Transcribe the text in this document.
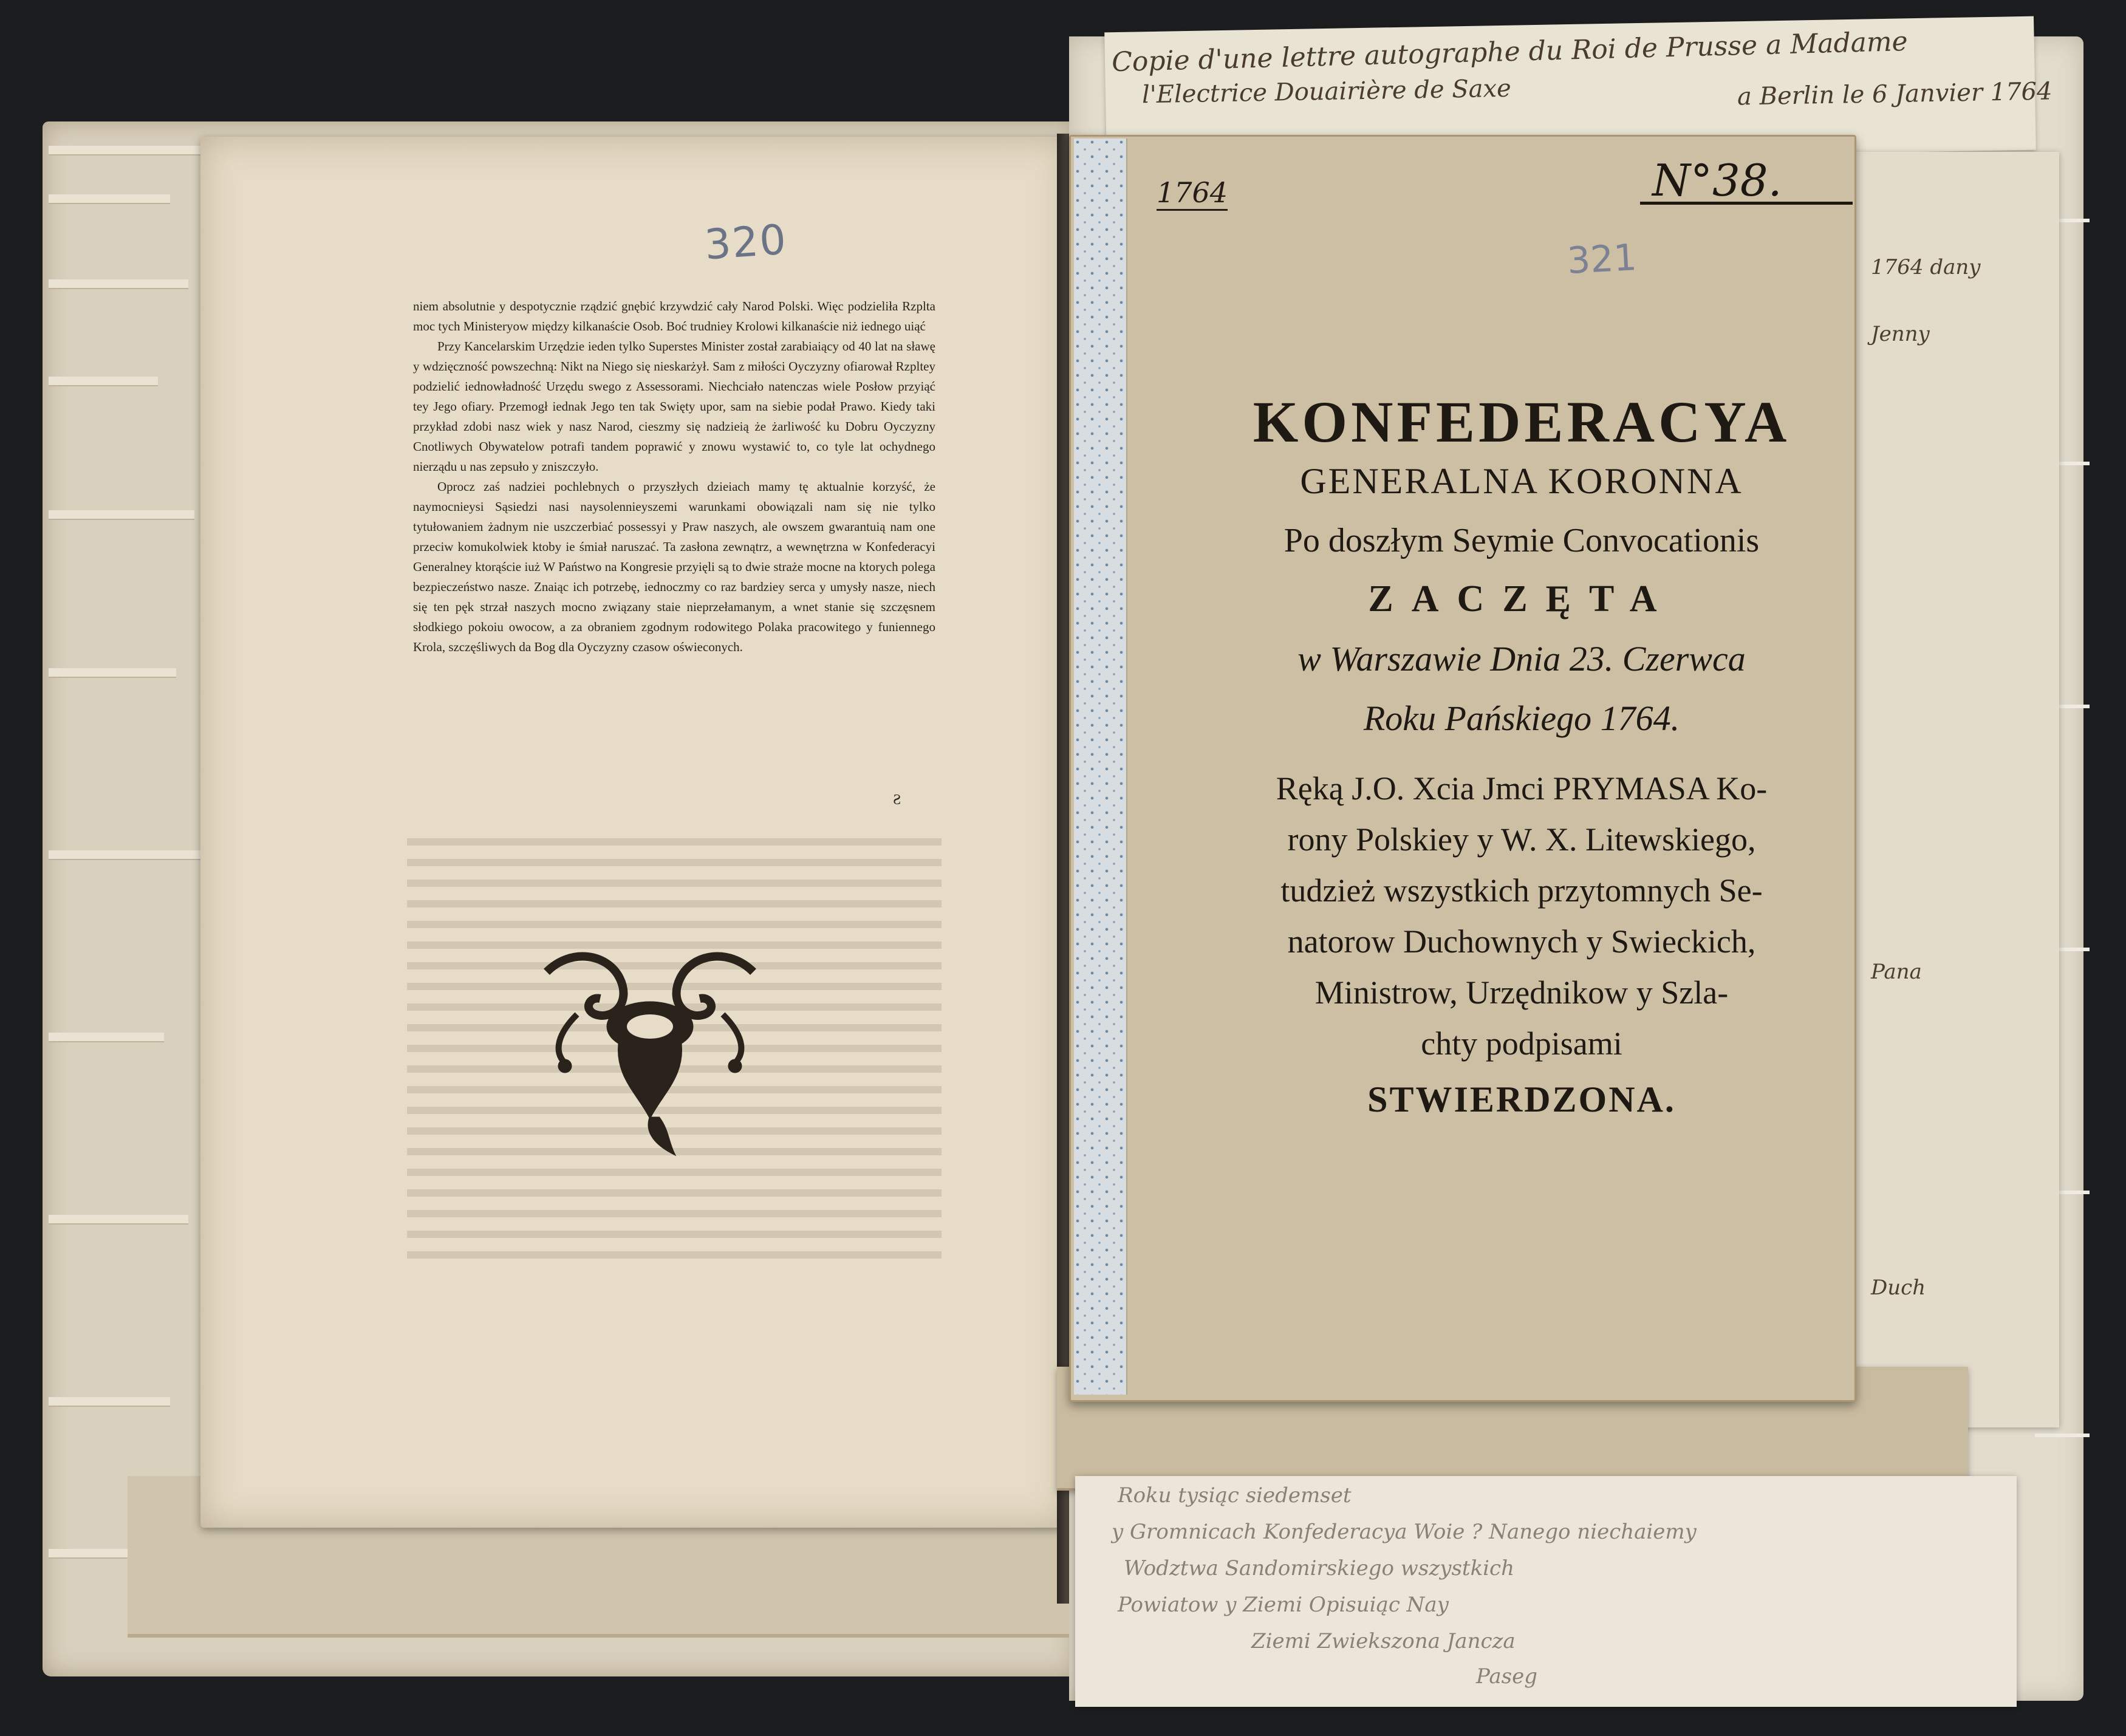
320

niem absolutnie y despotycznie rządzić gnębić krzywdzić cały Narod Polski. Więc podzieliła Rzplta moc tych Ministeryow między kilkanaście Osob. Boć trudniey Krolowi kilkanaście niż iednego uiąć

Przy Kancelarskim Urzędzie ieden tylko Superstes Minister został zarabiaiący od 40 lat na sławę y wdzięczność powszechną: Nikt na Niego się nieskarżył. Sam z miłości Oyczyzny ofiarował Rzpltey podzielić iednowładność Urzędu swego z Assessorami. Niechciało natenczas wiele Posłow przyiąć tey Jego ofiary. Przemogł iednak Jego ten tak Swięty upor, sam na siebie podał Prawo. Kiedy taki przykład zdobi nasz wiek y nasz Narod, cieszmy się nadzieią że żarliwość ku Dobru Oyczyzny Cnotliwych Obywatelow potrafi tandem poprawić y znowu wystawić to, co tyle lat ochydnego nierządu u nas zepsuło y zniszczyło.

Oprocz zaś nadziei pochlebnych o przyszłych dzieiach mamy tę aktualnie korzyść, że naymocnieysi Sąsiedzi nasi naysolennieyszemi warunkami obowiązali nam się nie tylko tytułowaniem żadnym nie uszczerbiać possessyi y Praw naszych, ale owszem gwarantuią nam one przeciw komukolwiek ktoby ie śmiał naruszać. Ta zasłona zewnątrz, a wewnętrzna w Konfederacyi Generalney ktorąście iuż W Państwo na Kongresie przyięli są to dwie straże mocne na ktorych polega bezpieczeństwo nasze. Znaiąc ich potrzebę, iednoczmy co raz bardziey serca y umysły nasze, niech się ten pęk strzał naszych mocno związany staie nieprzełamanym, a wnet stanie się szczęsnem słodkiego pokoiu owocow, a za obraniem zgodnym rodowitego Polaka pracowitego y funiennego Krola, szczęśliwych da Bog dla Oyczyzny czasow oświeconych.

Ƨ
Copie d'une lettre autographe du Roi de Prusse a Madame
l'Electrice Douairière de Saxe	a Berlin le 6 Janvier 1764
1764 dany
Jenny
Pana
Duch
Roku tysiąc siedemset
y Gromnicach Konfederacya Woie ? Nanego niechaiemy
Wodztwa Sandomirskiego wszystkich
Powiatow y Ziemi Opisuiąc Nay
Ziemi Zwiekszona Jancza
Paseg
1764	N°38.
321
KONFEDERACYA
GENERALNA KORONNA
Po doszłym Seymie Convocationis
ZACZĘTA
w Warszawie Dnia 23. Czerwca
Roku Pańskiego 1764.
Ręką J.O. Xcia Jmci PRYMASA Ko-
rony Polskiey y W. X. Litewskiego,
tudzież wszystkich przytomnych Se-
natorow Duchownych y Swieckich,
Ministrow, Urzędnikow y Szla-
chty podpisami
STWIERDZONA.
